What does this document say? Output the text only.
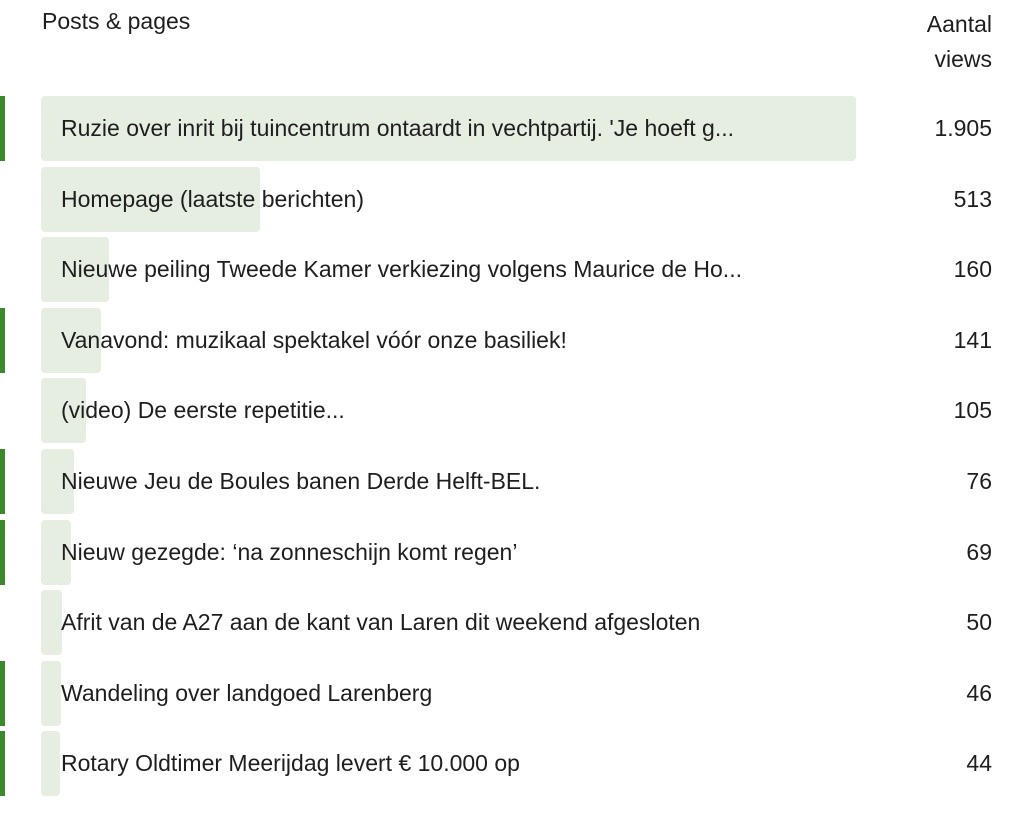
Posts & pages	Aantal views
Ruzie over inrit bij tuincentrum ontaardt in vechtpartij. 'Je hoeft g...	1.905
Homepage (laatste berichten)	513
Nieuwe peiling Tweede Kamer verkiezing volgens Maurice de Ho...	160
Vanavond: muzikaal spektakel vóór onze basiliek!	141
(video) De eerste repetitie...	105
Nieuwe Jeu de Boules banen Derde Helft-BEL.	76
Nieuw gezegde: ‘na zonneschijn komt regen’	69
Afrit van de A27 aan de kant van Laren dit weekend afgesloten	50
Wandeling over landgoed Larenberg	46
Rotary Oldtimer Meerijdag levert € 10.000 op	44
